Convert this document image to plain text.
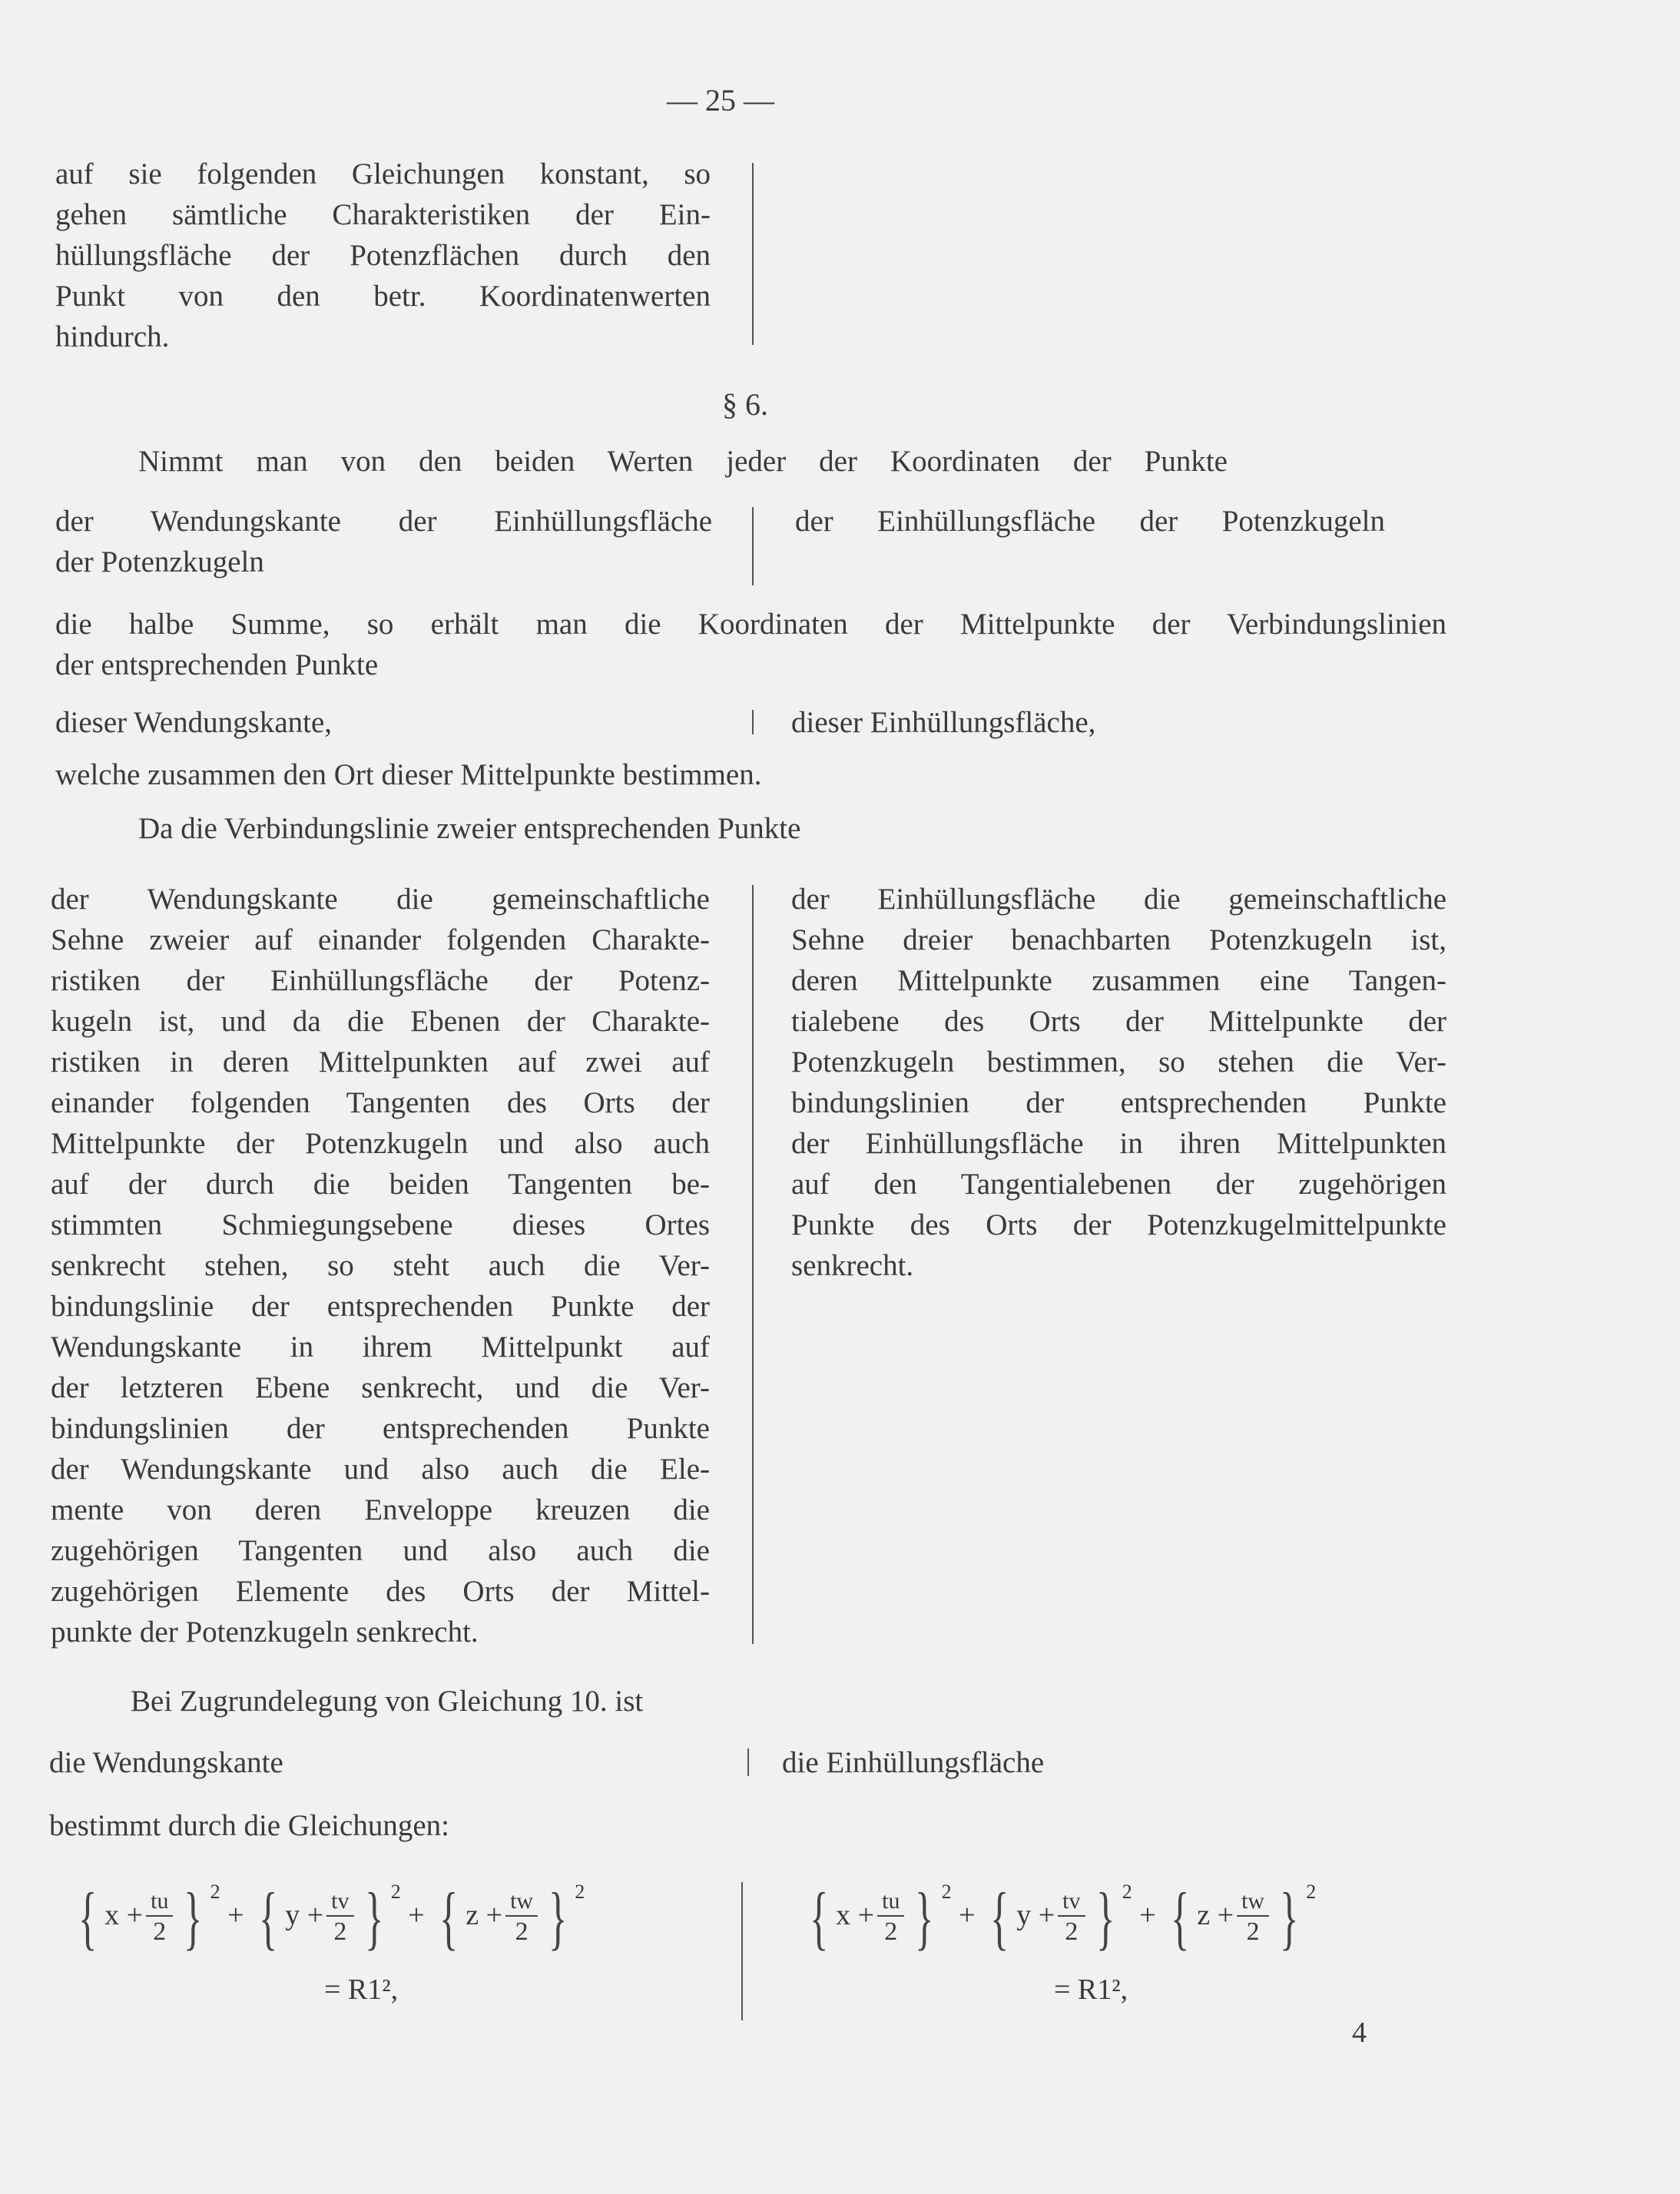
— 25 —
auf sie folgenden Gleichungen konstant, so
gehen sämtliche Charakteristiken der Ein-
hüllungsfläche der Potenzflächen durch den
Punkt von den betr. Koordinatenwerten
hindurch.
§ 6.
Nimmt man von den beiden Werten jeder der Koordinaten der Punkte
der Wendungskante der Einhüllungsfläche
der Potenzkugeln
der Einhüllungsfläche der Potenzkugeln
die halbe Summe, so erhält man die Koordinaten der Mittelpunkte der Verbindungslinien
der entsprechenden Punkte
dieser Wendungskante,	dieser Einhüllungsfläche,
welche zusammen den Ort dieser Mittelpunkte bestimmen.
Da die Verbindungslinie zweier entsprechenden Punkte
der Wendungskante die gemeinschaftliche
Sehne zweier auf einander folgenden Charakte-
ristiken der Einhüllungsfläche der Potenz-
kugeln ist, und da die Ebenen der Charakte-
ristiken in deren Mittelpunkten auf zwei auf
einander folgenden Tangenten des Orts der
Mittelpunkte der Potenzkugeln und also auch
auf der durch die beiden Tangenten be-
stimmten Schmiegungsebene dieses Ortes
senkrecht stehen, so steht auch die Ver-
bindungslinie der entsprechenden Punkte der
Wendungskante in ihrem Mittelpunkt auf
der letzteren Ebene senkrecht, und die Ver-
bindungslinien der entsprechenden Punkte
der Wendungskante und also auch die Ele-
mente von deren Enveloppe kreuzen die
zugehörigen Tangenten und also auch die
zugehörigen Elemente des Orts der Mittel-
punkte der Potenzkugeln senkrecht.
der Einhüllungsfläche die gemeinschaftliche
Sehne dreier benachbarten Potenzkugeln ist,
deren Mittelpunkte zusammen eine Tangen-
tialebene des Orts der Mittelpunkte der
Potenzkugeln bestimmen, so stehen die Ver-
bindungslinien der entsprechenden Punkte
der Einhüllungsfläche in ihren Mittelpunkten
auf den Tangentialebenen der zugehörigen
Punkte des Orts der Potenzkugelmittelpunkte
senkrecht.
Bei Zugrundelegung von Gleichung 10. ist
die Wendungskante	die Einhüllungsfläche
bestimmt durch die Gleichungen:
{ $x + \frac{tu}{2}$ } $^2$ + { $y + \frac{tv}{2}$ } $^2$ + { $z + \frac{tw}{2}$ } $^2$
= R1²,
{ $x + \frac{tu}{2}$ } $^2$ + { $y + \frac{tv}{2}$ } $^2$ + { $z + \frac{tw}{2}$ } $^2$
= R1²,
4
